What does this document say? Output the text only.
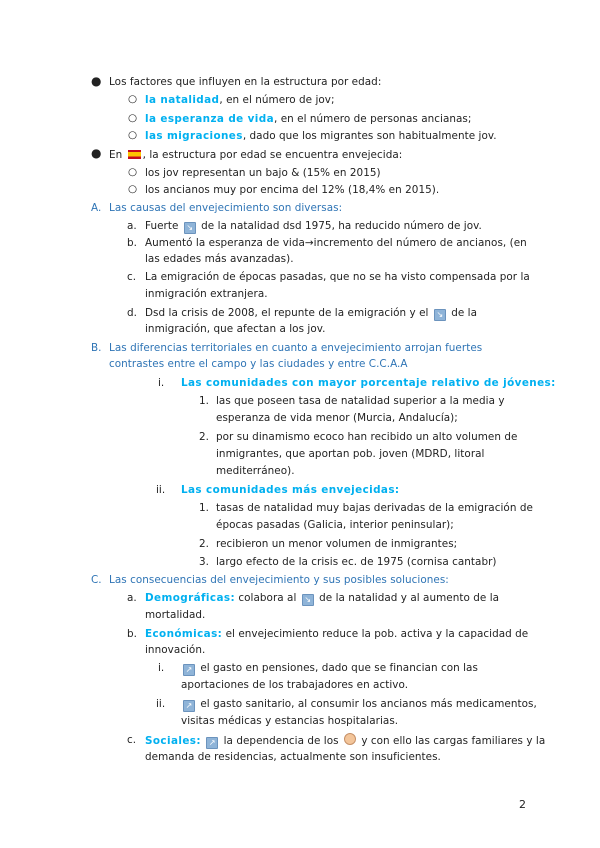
● Los factores que influyen en la estructura por edad:
○ la natalidad, en el número de jov;
○ la esperanza de vida, en el número de personas ancianas;
○ las migraciones, dado que los migrantes son habitualmente jov.
● En , la estructura por edad se encuentra envejecida:
○ los jov representan un bajo & (15% en 2015)
○ los ancianos muy por encima del 12% (18,4% en 2015).
A. Las causas del envejecimiento son diversas:
a. Fuerte ↘ de la natalidad dsd 1975, ha reducido número de jov.
b. Aumentó la esperanza de vida→incremento del número de ancianos, (en
las edades más avanzadas).
c. La emigración de épocas pasadas, que no se ha visto compensada por la
inmigración extranjera.
d. Dsd la crisis de 2008, el repunte de la emigración y el ↘ de la
inmigración, que afectan a los jov.
B. Las diferencias territoriales en cuanto a envejecimiento arrojan fuertes
contrastes entre el campo y las ciudades y entre C.C.A.A
i. Las comunidades con mayor porcentaje relativo de jóvenes:
1. las que poseen tasa de natalidad superior a la media y
esperanza de vida menor (Murcia, Andalucía);
2. por su dinamismo ecoco han recibido un alto volumen de
inmigrantes, que aportan pob. joven (MDRD, litoral
mediterráneo).
ii. Las comunidades más envejecidas:
1. tasas de natalidad muy bajas derivadas de la emigración de
épocas pasadas (Galicia, interior peninsular);
2. recibieron un menor volumen de inmigrantes;
3. largo efecto de la crisis ec. de 1975 (cornisa cantabr)
C. Las consecuencias del envejecimiento y sus posibles soluciones:
a. Demográficas: colabora al ↘ de la natalidad y al aumento de la
mortalidad.
b. Económicas: el envejecimiento reduce la pob. activa y la capacidad de
innovación.
i.	↗ el gasto en pensiones, dado que se financian con las
aportaciones de los trabajadores en activo.
ii.	↗ el gasto sanitario, al consumir los ancianos más medicamentos,
visitas médicas y estancias hospitalarias.
c. Sociales: ↗ la dependencia de los y con ello las cargas familiares y la
demanda de residencias, actualmente son insuficientes.
2
